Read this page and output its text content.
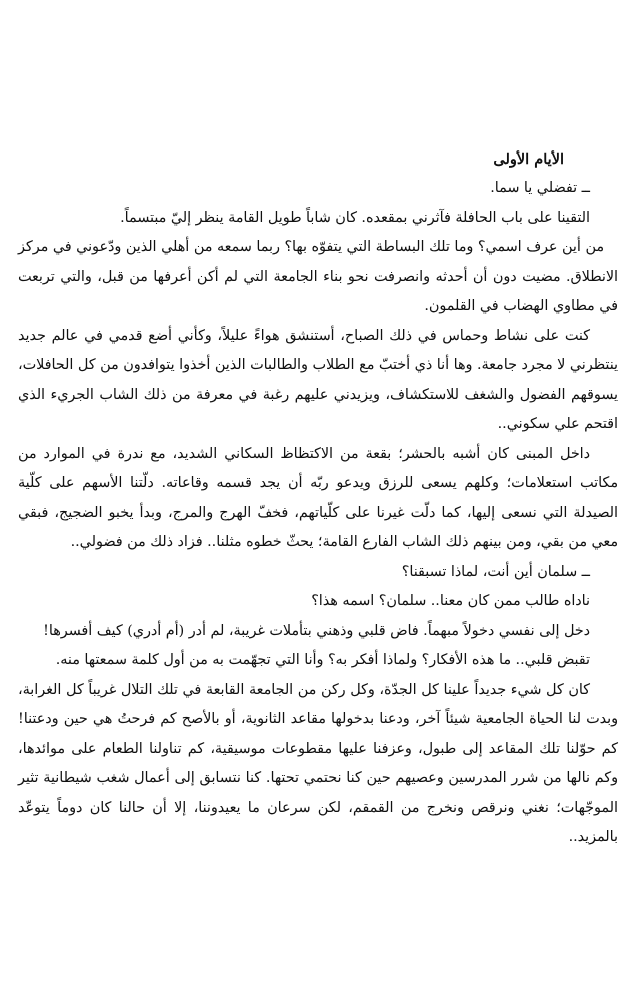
الأيام الأولى

ــ تفضلي يا سما.

التقينا على باب الحافلة فآثرني بمقعده. كان شاباً طويل القامة ينظر إليّ مبتسماً.

من أين عرف اسمي؟ وما تلك البساطة التي يتفوّه بها؟ ربما سمعه من أهلي الذين ودّعوني في مركز الانطلاق. مضيت دون أن أحدثه وانصرفت نحو بناء الجامعة التي لم أكن أعرفها من قبل، والتي تربعت في مطاوي الهضاب في القلمون.

كنت على نشاط وحماس في ذلك الصباح، أستنشق هواءً عليلاً، وكأني أضع قدمي في عالم جديد ينتظرني لا مجرد جامعة. وها أنا ذي أختبّ مع الطلاب والطالبات الذين أخذوا يتوافدون من كل الحافلات، يسوقهم الفضول والشغف للاستكشاف، ويزيدني عليهم رغبة في معرفة من ذلك الشاب الجريء الذي اقتحم علي سكوني..

داخل المبنى كان أشبه بالحشر؛ بقعة من الاكتظاظ السكاني الشديد، مع ندرة في الموارد من مكاتب استعلامات؛ وكلهم يسعى للرزق ويدعو ربّه أن يجد قسمه وقاعاته. دلّتنا الأسهم على كلّية الصيدلة التي نسعى إليها، كما دلّت غيرنا على كلّياتهم، فخفّ الهرج والمرج، وبدأ يخبو الضجيج، فبقي معي من بقي، ومن بينهم ذلك الشاب الفارع القامة؛ يحثّ خطوه مثلنا.. فزاد ذلك من فضولي..

ــ سلمان أين أنت، لماذا تسبقنا؟

ناداه طالب ممن كان معنا.. سلمان؟ اسمه هذا؟

دخل إلى نفسي دخولاً مبهماً. فاض قلبي وذهني بتأملات غريبة، لم أدر (أم أدري) كيف أفسرها!

تقبض قلبي.. ما هذه الأفكار؟ ولماذا أفكر به؟ وأنا التي تجهّمت به من أول كلمة سمعتها منه.

كان كل شيء جديداً علينا كل الجدّة، وكل ركن من الجامعة القابعة في تلك التلال غريباً كل الغرابة، وبدت لنا الحياة الجامعية شيئاً آخر، ودعنا بدخولها مقاعد الثانوية، أو بالأصح كم فرحتُ هي حين ودعتنا! كم حوّلنا تلك المقاعد إلى طبول، وعزفنا عليها مقطوعات موسيقية، كم تناولنا الطعام على موائدها، وكم نالها من شرر المدرسين وعصيهم حين كنا نحتمي تحتها. كنا نتسابق إلى أعمال شغب شيطانية تثير الموجّهات؛ نغني ونرقص ونخرج من القمقم، لكن سرعان ما يعيدوننا، إلا أن حالنا كان دوماً يتوعّد بالمزيد..
